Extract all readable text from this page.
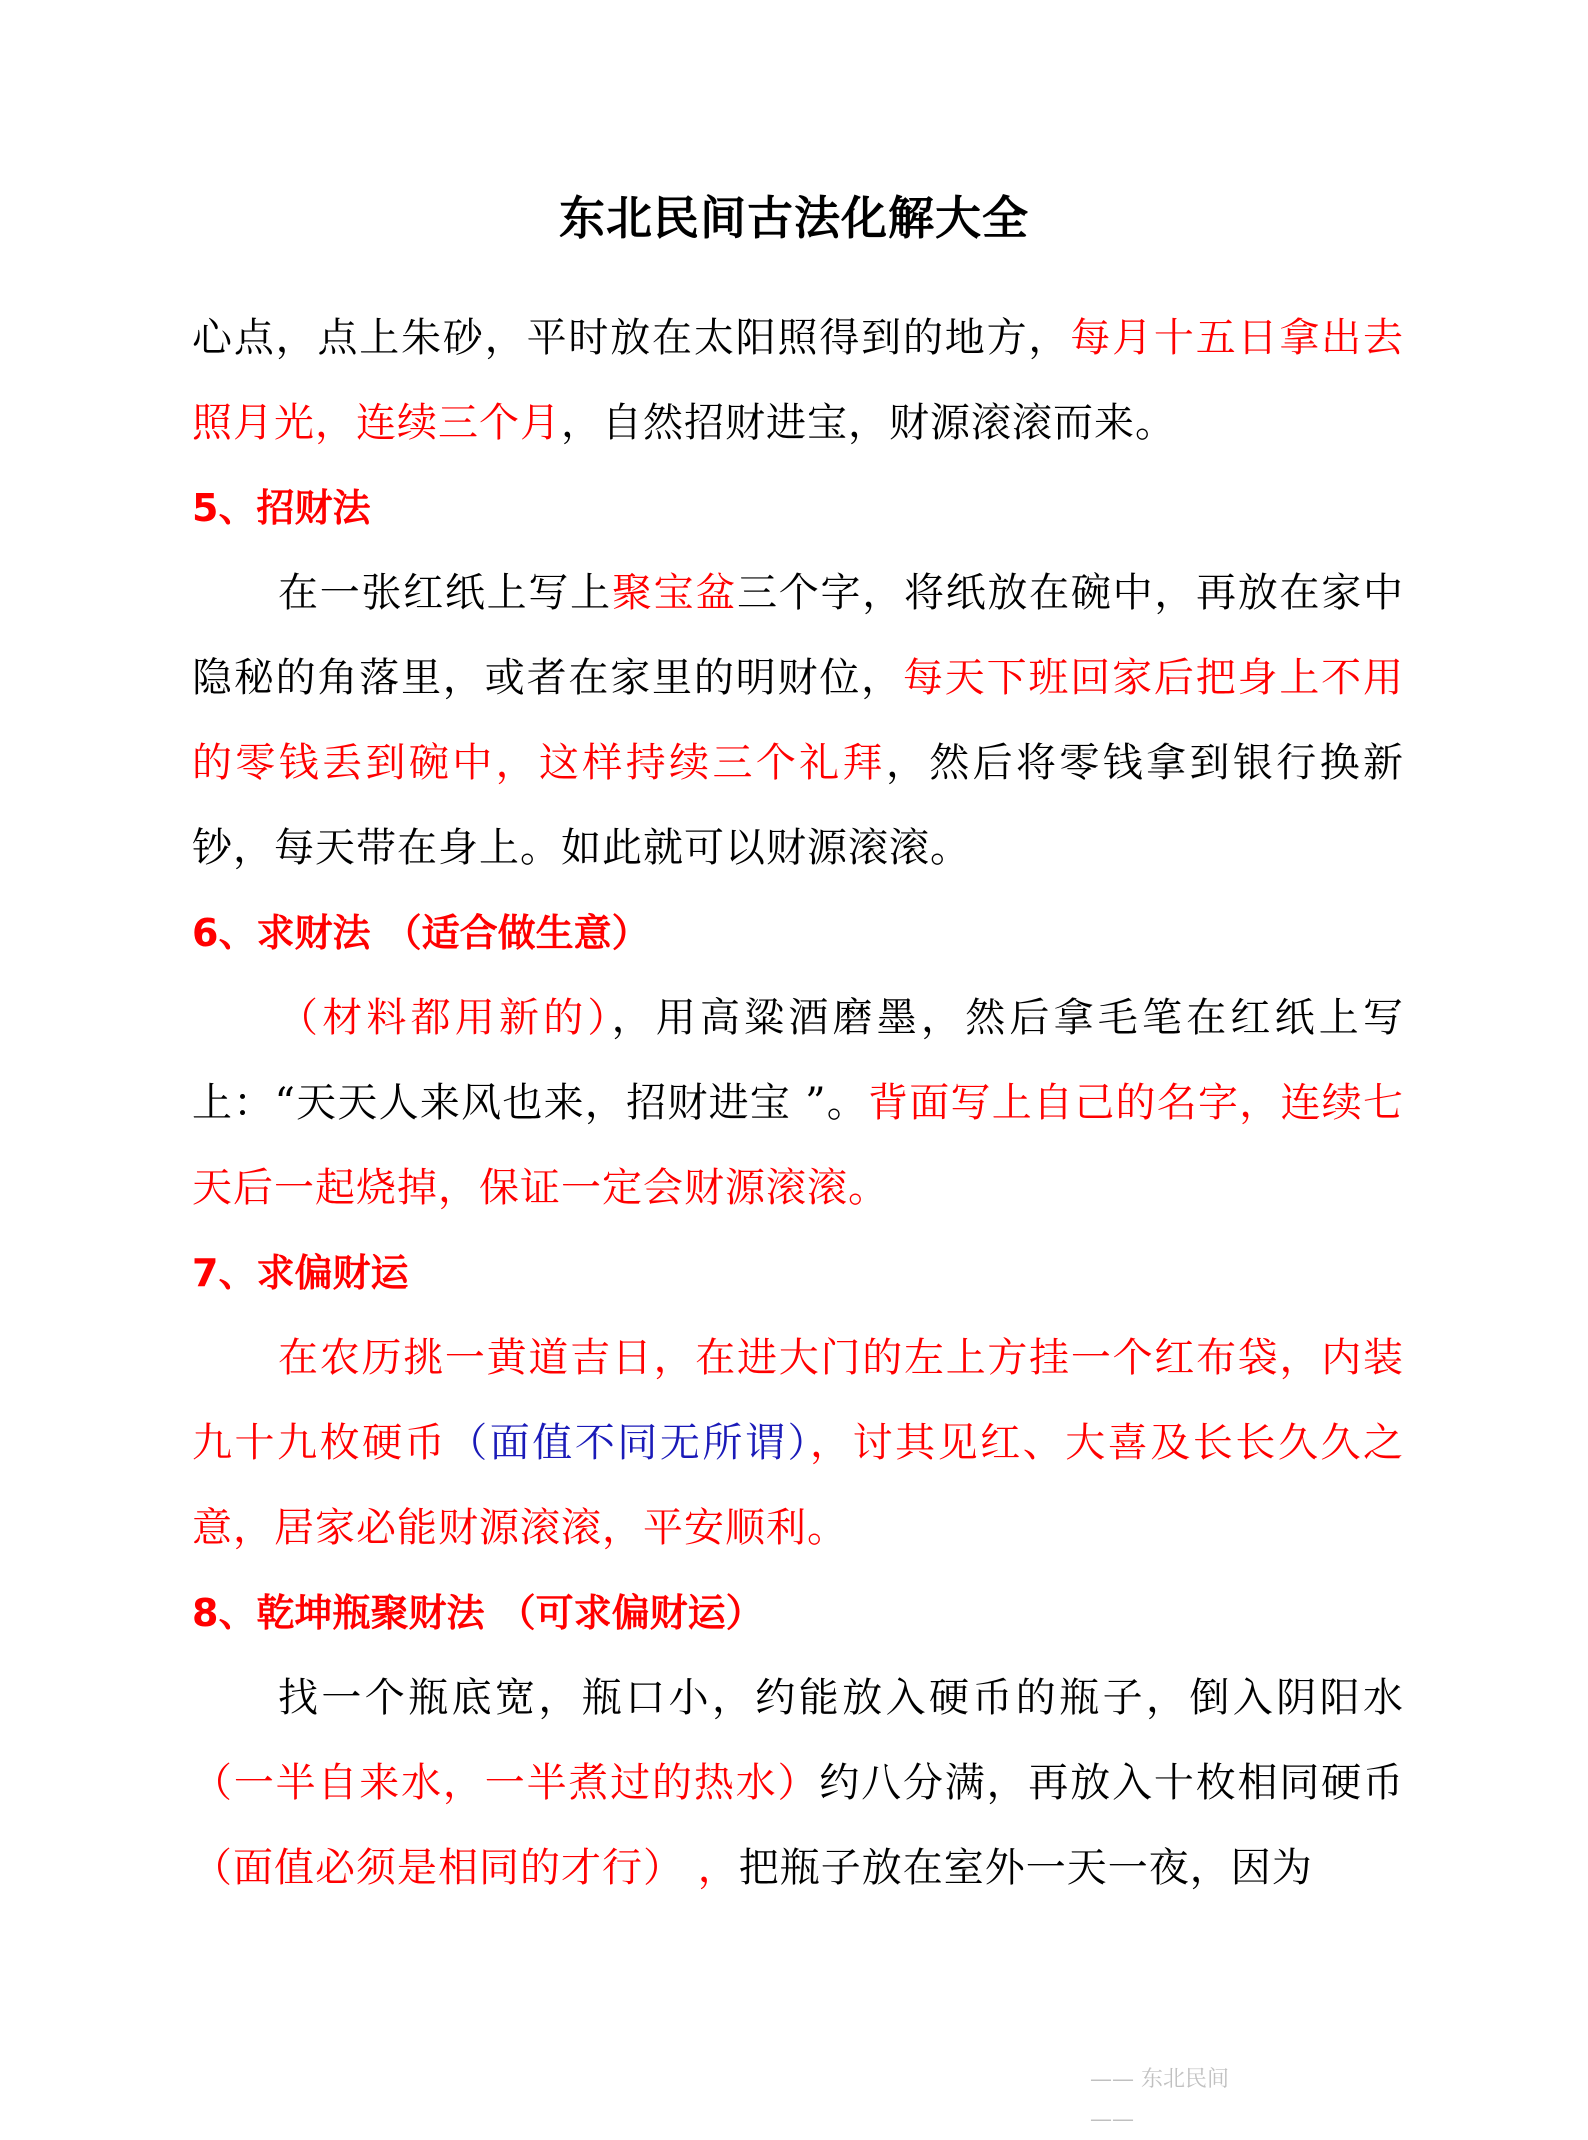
东北民间古法化解大全

心点，点上朱砂，平时放在太阳照得到的地方，每月十五日拿出去照月光，连续三个月，自然招财进宝，财源滚滚而来。

5、招财法

在一张红纸上写上聚宝盆三个字，将纸放在碗中，再放在家中隐秘的角落里，或者在家里的明财位，每天下班回家后把身上不用的零钱丢到碗中，这样持续三个礼拜，然后将零钱拿到银行换新钞，每天带在身上。如此就可以财源滚滚。

6、求财法 （适合做生意）

（材料都用新的），用高粱酒磨墨，然后拿毛笔在红纸上写上：“天天人来风也来，招财进宝 ”。背面写上自己的名字，连续七天后一起烧掉，保证一定会财源滚滚。

7、求偏财运

在农历挑一黄道吉日，在进大门的左上方挂一个红布袋，内装九十九枚硬币（面值不同无所谓），讨其见红、大喜及长长久久之意，居家必能财源滚滚，平安顺利。

8、乾坤瓶聚财法 （可求偏财运）

找一个瓶底宽，瓶口小，约能放入硬币的瓶子，倒入阴阳水（一半自来水，一半煮过的热水）约八分满，再放入十枚相同硬币 （面值必须是相同的才行） ，把瓶子放在室外一天一夜，因为

—— 东北民间 ——
